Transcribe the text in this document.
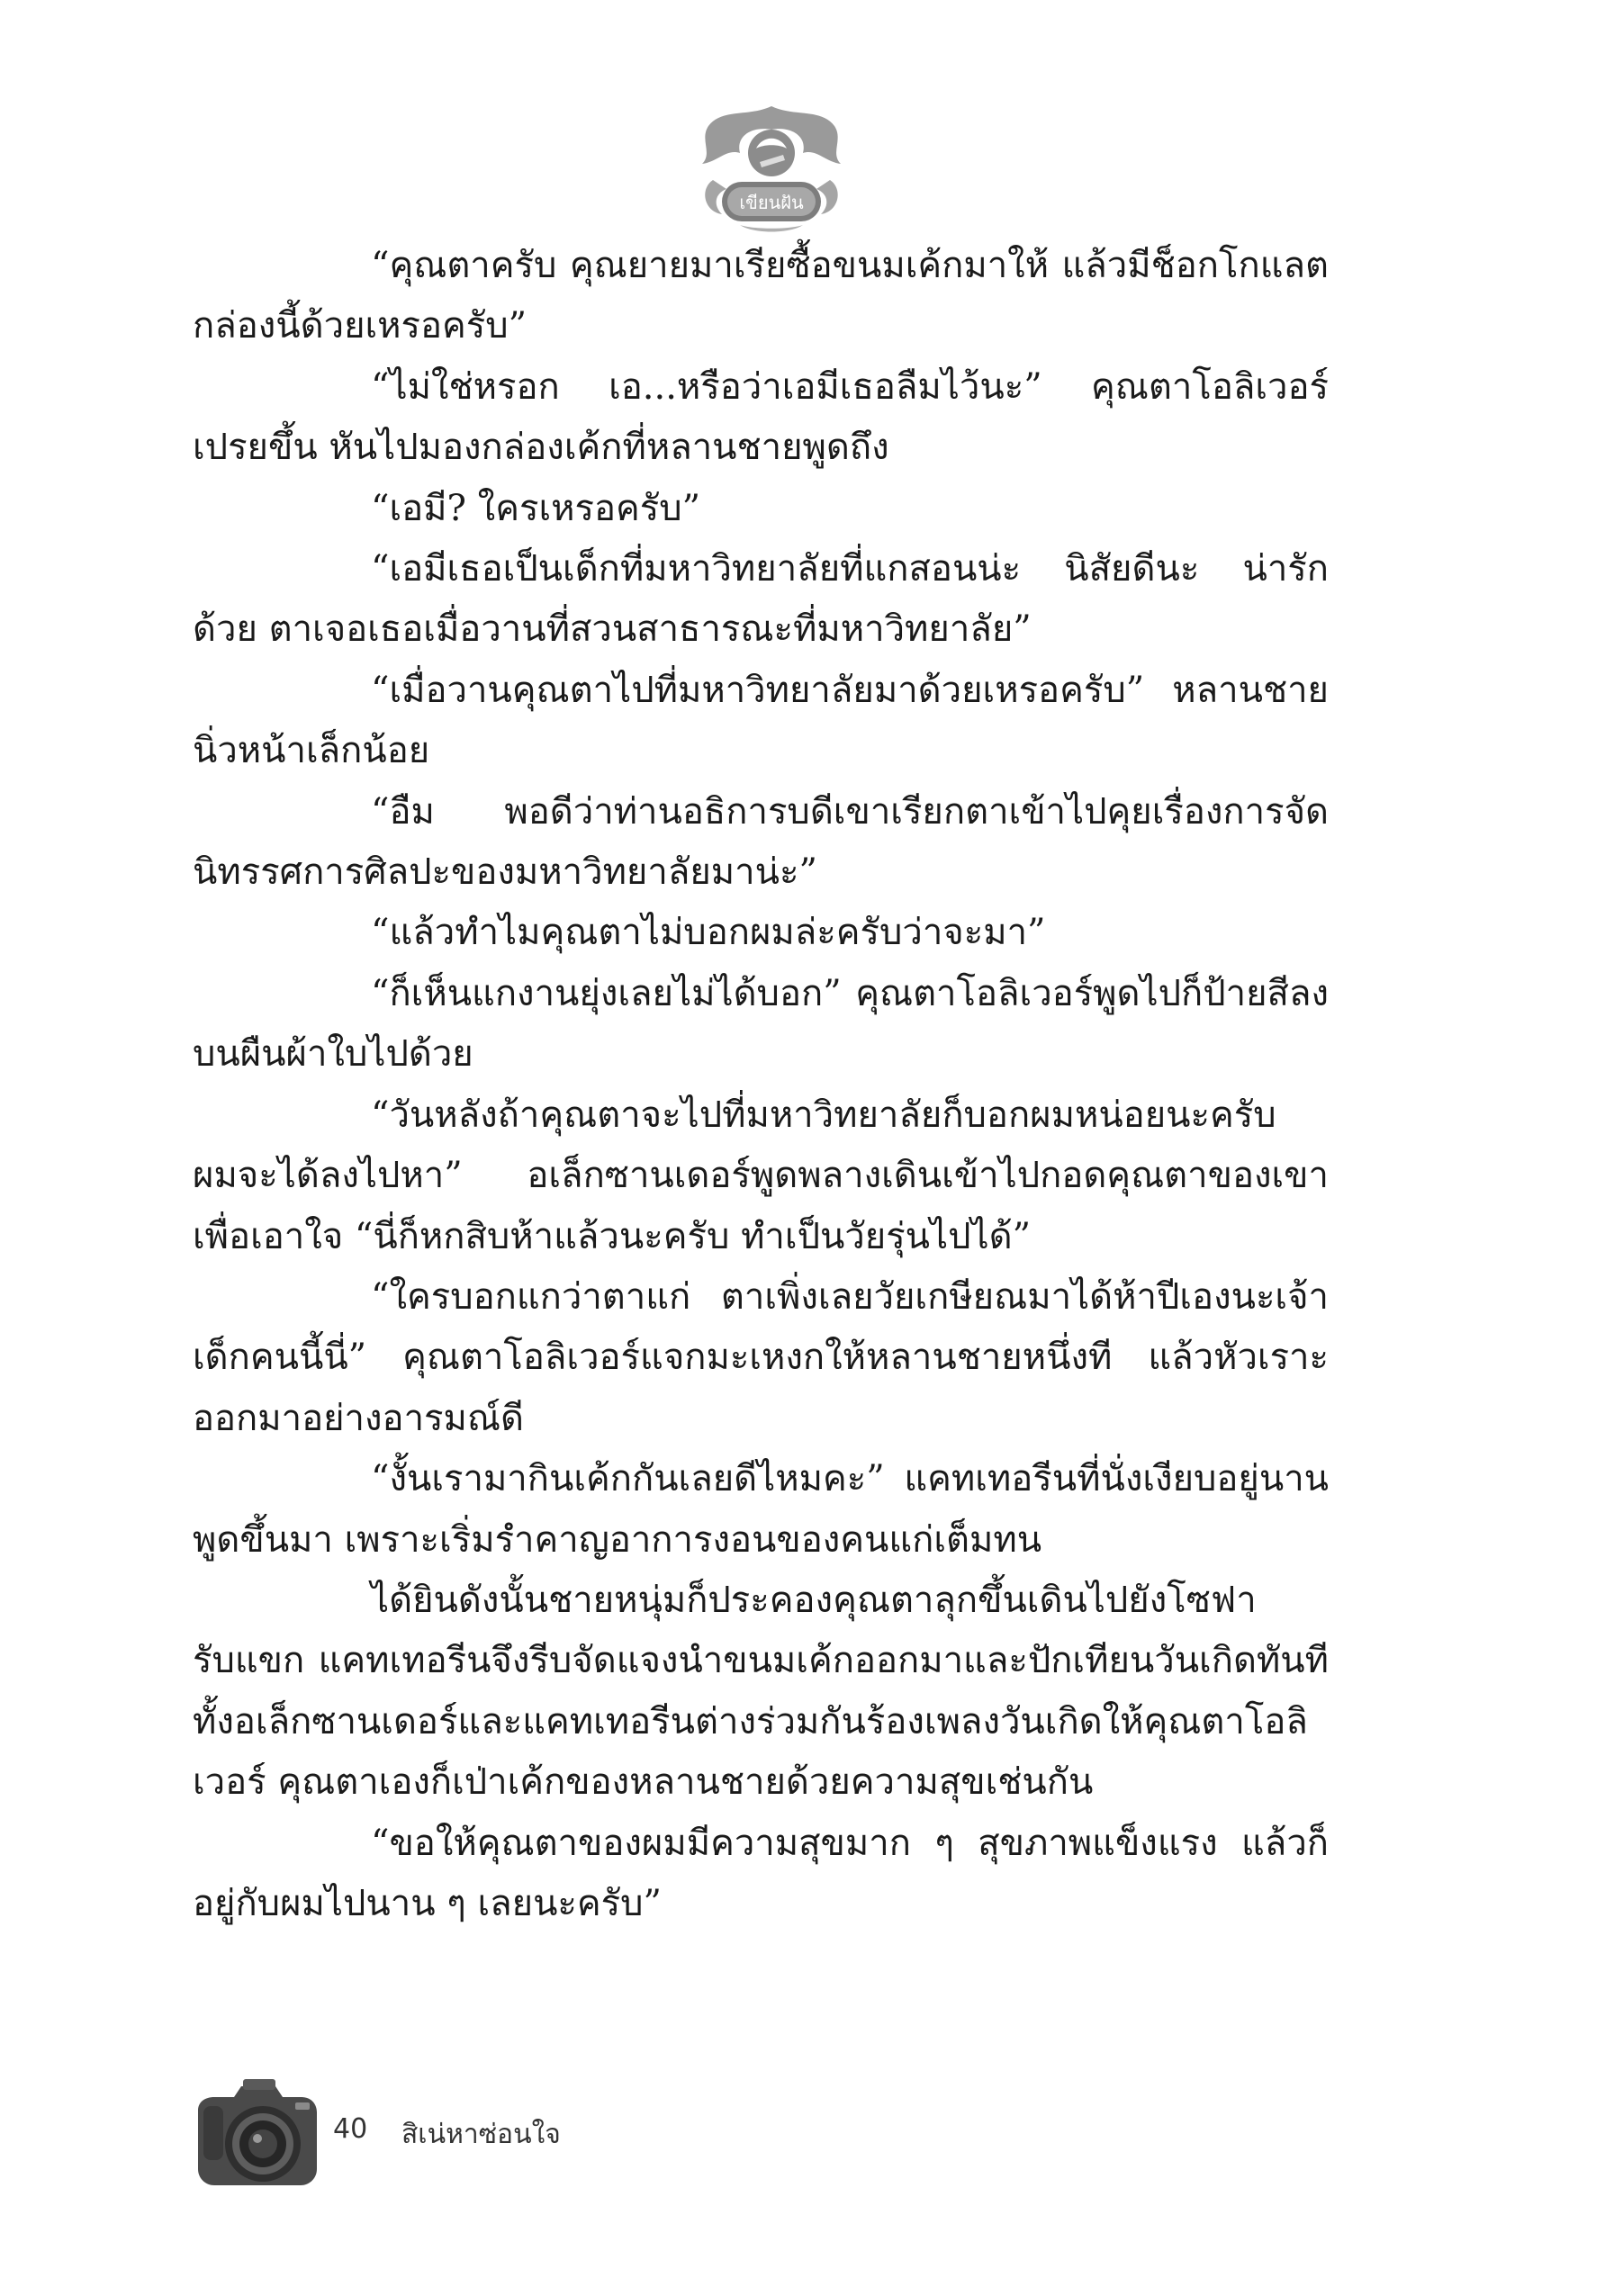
เขียนฝัน

“คุณตาครับ คุณยายมาเรียซื้อขนมเค้กมาให้ แล้วมีช็อกโกแลตกล่องนี้ด้วยเหรอครับ”

“ไม่ใช่หรอก เอ...หรือว่าเอมีเธอลืมไว้นะ” คุณตาโอลิเวอร์เปรยขึ้น หันไปมองกล่องเค้กที่หลานชายพูดถึง

“เอมี? ใครเหรอครับ”

“เอมีเธอเป็นเด็กที่มหาวิทยาลัยที่แกสอนน่ะ นิสัยดีนะ น่ารักด้วย ตาเจอเธอเมื่อวานที่สวนสาธารณะที่มหาวิทยาลัย”

“เมื่อวานคุณตาไปที่มหาวิทยาลัยมาด้วยเหรอครับ” หลานชายนิ่วหน้าเล็กน้อย

“อืม พอดีว่าท่านอธิการบดีเขาเรียกตาเข้าไปคุยเรื่องการจัดนิทรรศการศิลปะของมหาวิทยาลัยมาน่ะ”

“แล้วทำไมคุณตาไม่บอกผมล่ะครับว่าจะมา”

“ก็เห็นแกงานยุ่งเลยไม่ได้บอก” คุณตาโอลิเวอร์พูดไปก็ป้ายสีลงบนผืนผ้าใบไปด้วย

“วันหลังถ้าคุณตาจะไปที่มหาวิทยาลัยก็บอกผมหน่อยนะครับ ผมจะได้ลงไปหา” อเล็กซานเดอร์พูดพลางเดินเข้าไปกอดคุณตาของเขาเพื่อเอาใจ “นี่ก็หกสิบห้าแล้วนะครับ ทำเป็นวัยรุ่นไปได้”

“ใครบอกแกว่าตาแก่ ตาเพิ่งเลยวัยเกษียณมาได้ห้าปีเองนะเจ้าเด็กคนนี้นี่” คุณตาโอลิเวอร์แจกมะเหงกให้หลานชายหนึ่งที แล้วหัวเราะออกมาอย่างอารมณ์ดี

“งั้นเรามากินเค้กกันเลยดีไหมคะ” แคทเทอรีนที่นั่งเงียบอยู่นานพูดขึ้นมา เพราะเริ่มรำคาญอาการงอนของคนแก่เต็มทน

ได้ยินดังนั้นชายหนุ่มก็ประคองคุณตาลุกขึ้นเดินไปยังโซฟารับแขก แคทเทอรีนจึงรีบจัดแจงนำขนมเค้กออกมาและปักเทียนวันเกิดทันที ทั้งอเล็กซานเดอร์และแคทเทอรีนต่างร่วมกันร้องเพลงวันเกิดให้คุณตาโอลิเวอร์ คุณตาเองก็เป่าเค้กของหลานชายด้วยความสุขเช่นกัน

“ขอให้คุณตาของผมมีความสุขมาก ๆ สุขภาพแข็งแรง แล้วก็อยู่กับผมไปนาน ๆ เลยนะครับ”

40 สิเน่หาซ่อนใจ
